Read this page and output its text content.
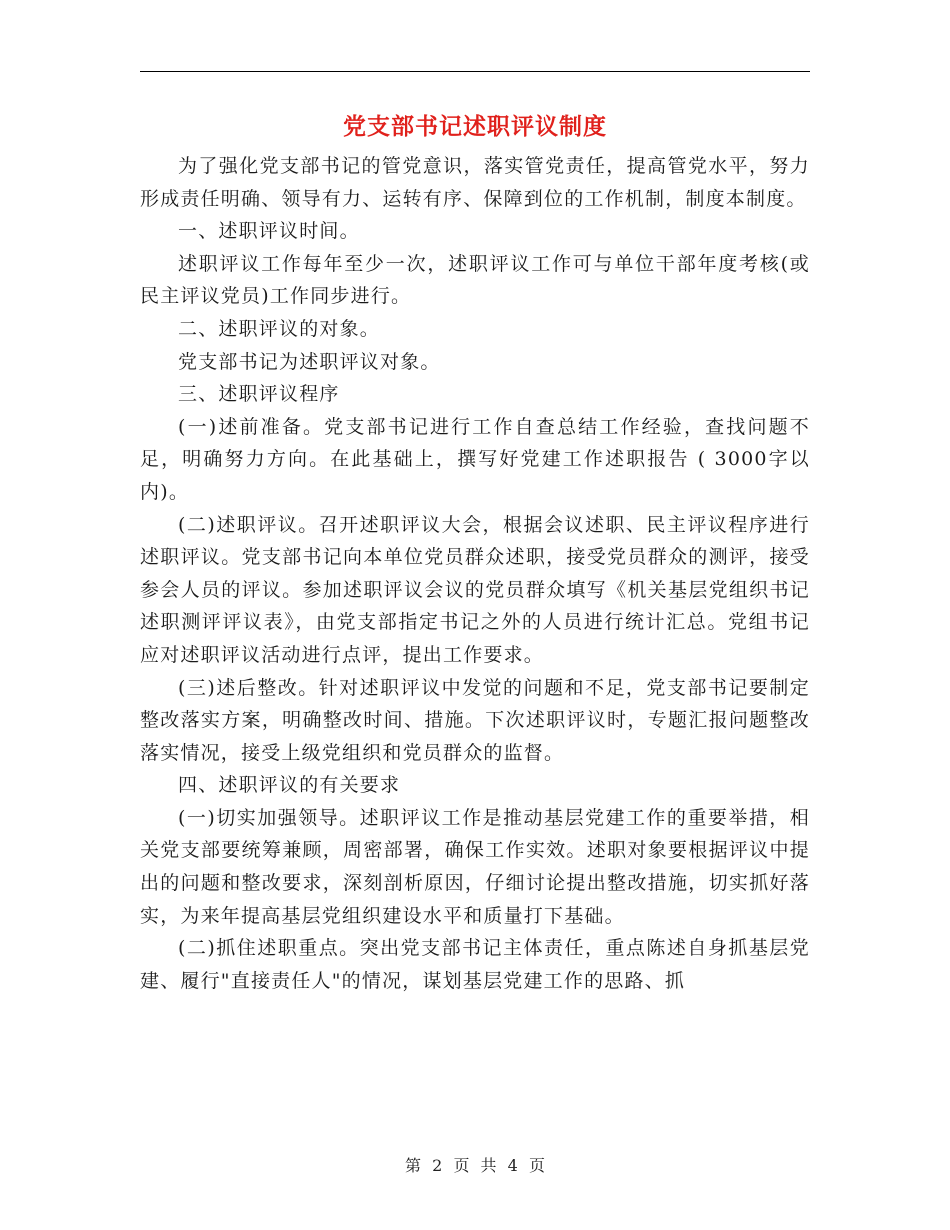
党支部书记述职评议制度

为了强化党支部书记的管党意识，落实管党责任，提高管党水平，努力形成责任明确、领导有力、运转有序、保障到位的工作机制，制度本制度。

一、述职评议时间。

述职评议工作每年至少一次，述职评议工作可与单位干部年度考核(或民主评议党员)工作同步进行。

二、述职评议的对象。

党支部书记为述职评议对象。

三、述职评议程序

(一)述前准备。党支部书记进行工作自查总结工作经验，查找问题不足，明确努力方向。在此基础上，撰写好党建工作述职报告 ( 3000字以内)。

(二)述职评议。召开述职评议大会，根据会议述职、民主评议程序进行述职评议。党支部书记向本单位党员群众述职，接受党员群众的测评，接受参会人员的评议。参加述职评议会议的党员群众填写《机关基层党组织书记述职测评评议表》，由党支部指定书记之外的人员进行统计汇总。党组书记应对述职评议活动进行点评，提出工作要求。

(三)述后整改。针对述职评议中发觉的问题和不足，党支部书记要制定整改落实方案，明确整改时间、措施。下次述职评议时，专题汇报问题整改落实情况，接受上级党组织和党员群众的监督。

四、述职评议的有关要求

(一)切实加强领导。述职评议工作是推动基层党建工作的重要举措，相关党支部要统筹兼顾，周密部署，确保工作实效。述职对象要根据评议中提出的问题和整改要求，深刻剖析原因，仔细讨论提出整改措施，切实抓好落实，为来年提高基层党组织建设水平和质量打下基础。

(二)抓住述职重点。突出党支部书记主体责任，重点陈述自身抓基层党建、履行"直接责任人"的情况，谋划基层党建工作的思路、抓

第 2 页 共 4 页
